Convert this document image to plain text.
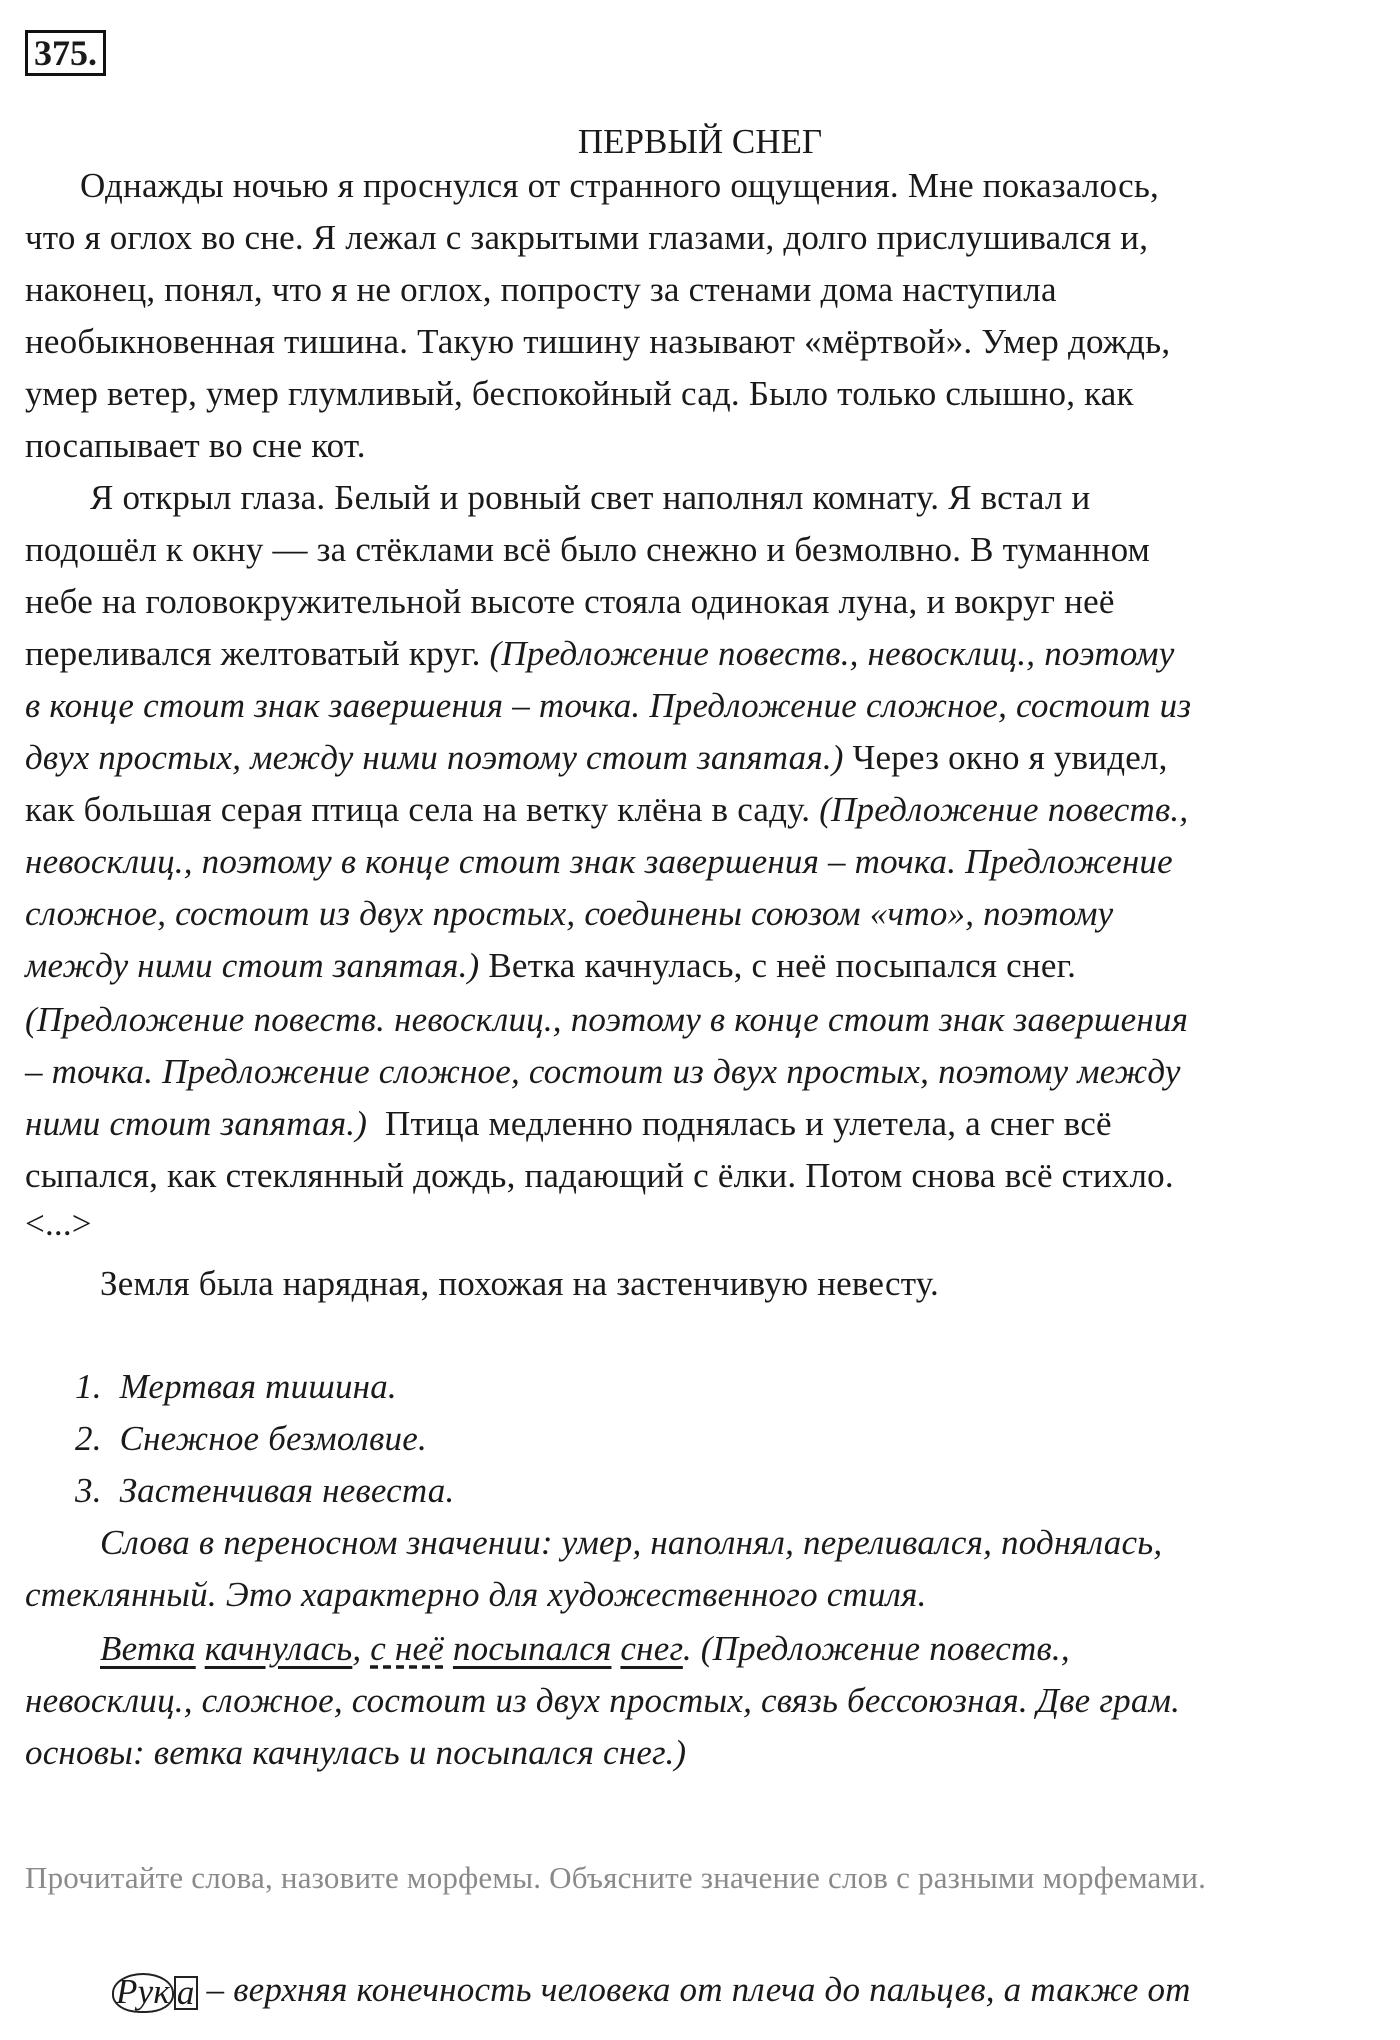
375.
ПЕРВЫЙ СНЕГ
Однажды ночью я проснулся от странного ощущения. Мне показалось,
что я оглох во сне. Я лежал с закрытыми глазами, долго прислушивался и,
наконец, понял, что я не оглох, попросту за стенами дома наступила
необыкновенная тишина. Такую тишину называют «мёртвой». Умер дождь,
умер ветер, умер глумливый, беспокойный сад. Было только слышно, как
посапывает во сне кот.
Я открыл глаза. Белый и ровный свет наполнял комнату. Я встал и
подошёл к окну — за стёклами всё было снежно и безмолвно. В туманном
небе на головокружительной высоте стояла одинокая луна, и вокруг неё
переливался желтоватый круг. (Предложение повеств., невосклиц., поэтому
в конце стоит знак завершения – точка. Предложение сложное, состоит из
двух простых, между ними поэтому стоит запятая.) Через окно я увидел,
как большая серая птица села на ветку клёна в саду. (Предложение повеств.,
невосклиц., поэтому в конце стоит знак завершения – точка. Предложение
сложное, состоит из двух простых, соединены союзом «что», поэтому
между ними стоит запятая.) Ветка качнулась, с неё посыпался снег.
(Предложение повеств. невосклиц., поэтому в конце стоит знак завершения
– точка. Предложение сложное, состоит из двух простых, поэтому между
ними стоит запятая.)  Птица медленно поднялась и улетела, а снег всё
сыпался, как стеклянный дождь, падающий с ёлки. Потом снова всё стихло.
<...>
Земля была нарядная, похожая на застенчивую невесту.
1. Мертвая тишина.
2. Снежное безмолвие.
3. Застенчивая невеста.
Слова в переносном значении: умер, наполнял, переливался, поднялась,
стеклянный. Это характерно для художественного стиля.
Ветка качнулась, с неё посыпался снег. (Предложение повеств.,
невосклиц., сложное, состоит из двух простых, связь бессоюзная. Две грам.
основы: ветка качнулась и посыпался снег.)
Прочитайте слова, назовите морфемы. Объясните значение слов с разными морфемами.
Рук а – верхняя конечность человека от плеча до пальцев, а также от
